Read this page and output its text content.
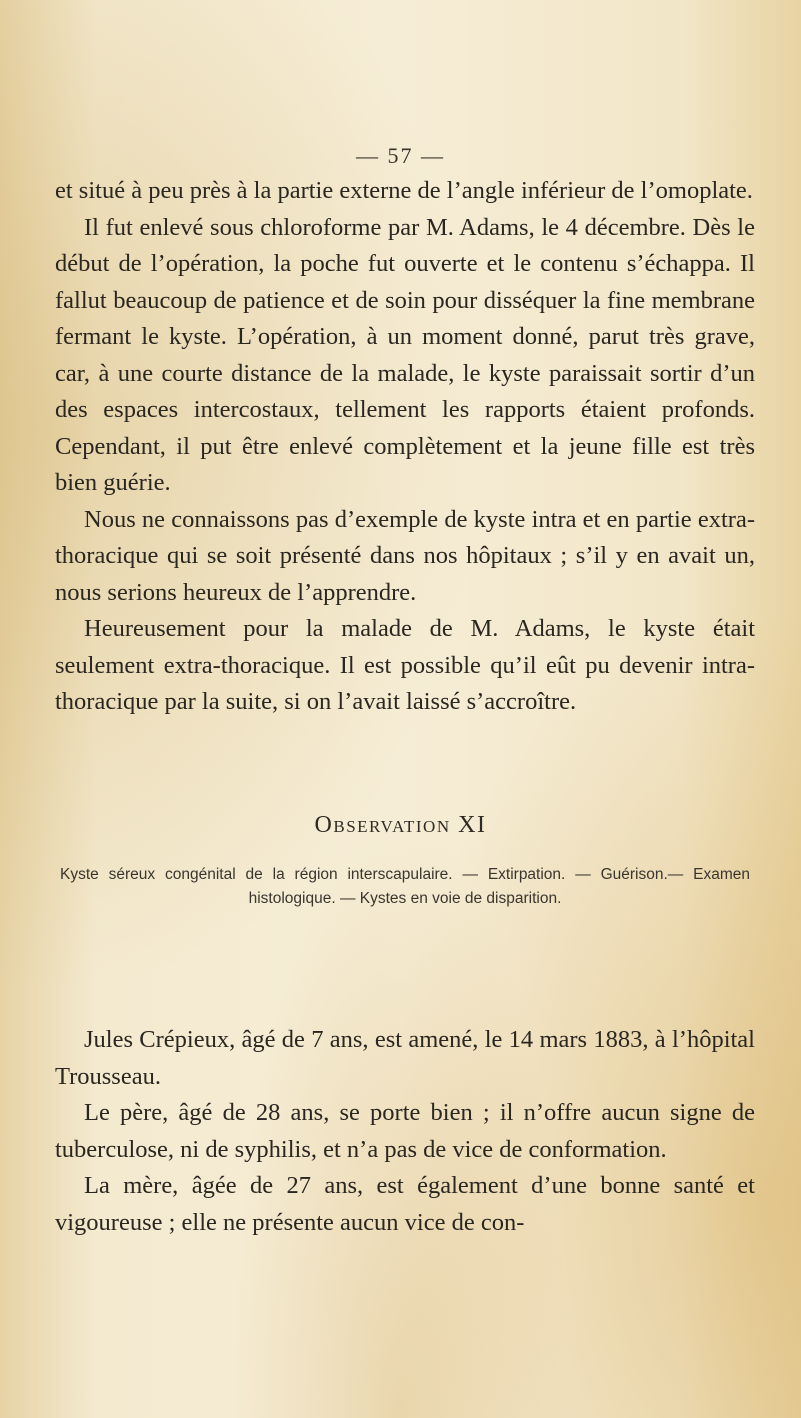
— 57 —

et situé à peu près à la partie externe de l’angle inférieur de l’omoplate.

Il fut enlevé sous chloroforme par M. Adams, le 4 décembre. Dès le début de l’opération, la poche fut ouverte et le contenu s’échappa. Il fallut beaucoup de patience et de soin pour disséquer la fine membrane fermant le kyste. L’opération, à un moment donné, parut très grave, car, à une courte distance de la malade, le kyste paraissait sortir d’un des espaces intercostaux, tellement les rapports étaient profonds. Cependant, il put être enlevé complètement et la jeune fille est très bien guérie.

Nous ne connaissons pas d’exemple de kyste intra et en partie extra-thoracique qui se soit présenté dans nos hôpitaux ; s’il y en avait un, nous serions heureux de l’apprendre.

Heureusement pour la malade de M. Adams, le kyste était seulement extra-thoracique. Il est possible qu’il eût pu devenir intra-thoracique par la suite, si on l’avait laissé s’accroître.

Observation XI
Kyste séreux congénital de la région interscapulaire. — Extirpation. — Guérison.— Examen histologique. — Kystes en voie de disparition.

Jules Crépieux, âgé de 7 ans, est amené, le 14 mars 1883, à l’hôpital Trousseau.

Le père, âgé de 28 ans, se porte bien ; il n’offre aucun signe de tuberculose, ni de syphilis, et n’a pas de vice de conformation.

La mère, âgée de 27 ans, est également d’une bonne santé et vigoureuse ; elle ne présente aucun vice de con-
